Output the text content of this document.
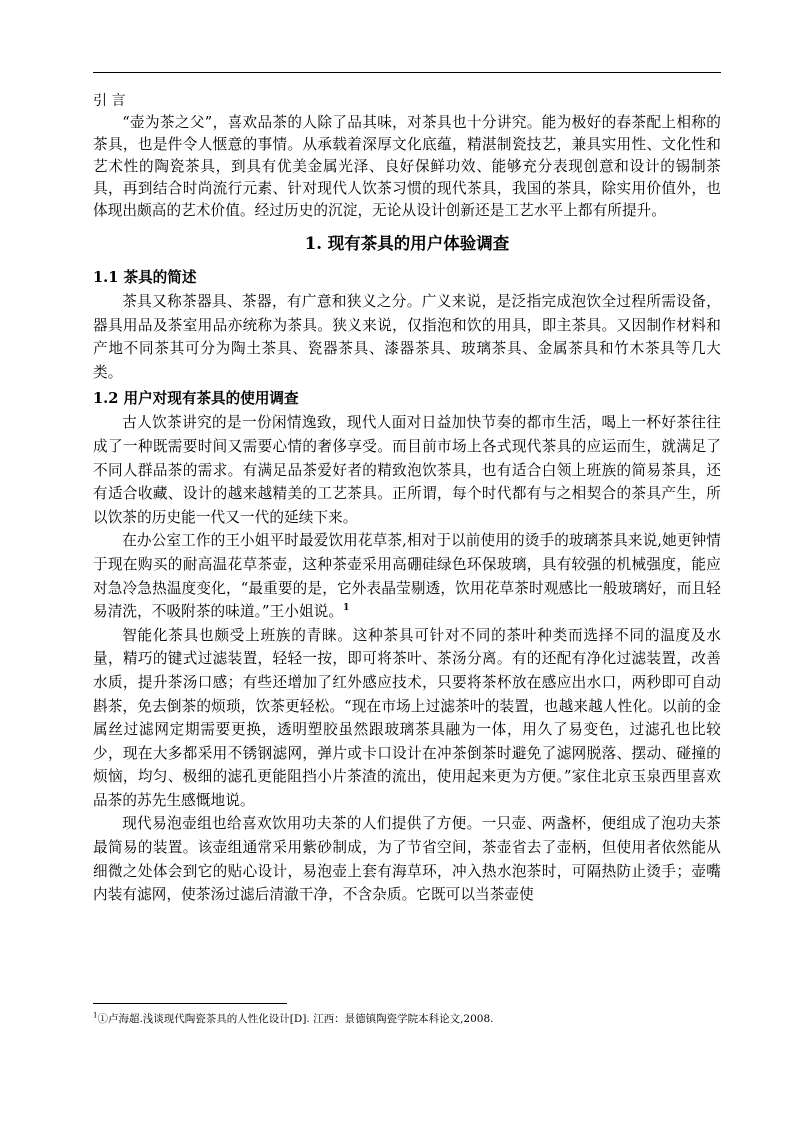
引 言

“壶为茶之父”，喜欢品茶的人除了品其味，对茶具也十分讲究。能为极好的春茶配上相称的茶具，也是件令人惬意的事情。从承载着深厚文化底蕴，精湛制瓷技艺，兼具实用性、文化性和艺术性的陶瓷茶具，到具有优美金属光泽、良好保鲜功效、能够充分表现创意和设计的锡制茶具，再到结合时尚流行元素、针对现代人饮茶习惯的现代茶具，我国的茶具，除实用价值外，也体现出颇高的艺术价值。经过历史的沉淀，无论从设计创新还是工艺水平上都有所提升。

1. 现有茶具的用户体验调查
1.1 茶具的简述

茶具又称茶器具、茶器，有广意和狭义之分。广义来说，是泛指完成泡饮全过程所需设备，器具用品及茶室用品亦统称为茶具。狭义来说，仅指泡和饮的用具，即主茶具。又因制作材料和产地不同茶其可分为陶土茶具、瓷器茶具、漆器茶具、玻璃茶具、金属茶具和竹木茶具等几大类。

1.2 用户对现有茶具的使用调查

古人饮茶讲究的是一份闲情逸致，现代人面对日益加快节奏的都市生活，喝上一杯好茶往往成了一种既需要时间又需要心情的奢侈享受。而目前市场上各式现代茶具的应运而生，就满足了不同人群品茶的需求。有满足品茶爱好者的精致泡饮茶具，也有适合白领上班族的简易茶具，还有适合收藏、设计的越来越精美的工艺茶具。正所谓，每个时代都有与之相契合的茶具产生，所以饮茶的历史能一代又一代的延续下来。

在办公室工作的王小姐平时最爱饮用花草茶,相对于以前使用的烫手的玻璃茶具来说,她更钟情于现在购买的耐高温花草茶壶，这种茶壶采用高硼硅绿色环保玻璃，具有较强的机械强度，能应对急冷急热温度变化，“最重要的是，它外表晶莹剔透，饮用花草茶时观感比一般玻璃好，而且轻易清洗，不吸附茶的味道。”王小姐说。$^1$

智能化茶具也颇受上班族的青睐。这种茶具可针对不同的茶叶种类而选择不同的温度及水量，精巧的键式过滤装置，轻轻一按，即可将茶叶、茶汤分离。有的还配有净化过滤装置，改善水质，提升茶汤口感；有些还增加了红外感应技术，只要将茶杯放在感应出水口，两秒即可自动斟茶，免去倒茶的烦琐，饮茶更轻松。“现在市场上过滤茶叶的装置，也越来越人性化。以前的金属丝过滤网定期需要更换，透明塑胶虽然跟玻璃茶具融为一体，用久了易变色，过滤孔也比较少，现在大多都采用不锈钢滤网，弹片或卡口设计在冲茶倒茶时避免了滤网脱落、摆动、碰撞的烦恼，均匀、极细的滤孔更能阻挡小片茶渣的流出，使用起来更为方便。”家住北京玉泉西里喜欢品茶的苏先生感慨地说。

现代易泡壶组也给喜欢饮用功夫茶的人们提供了方便。一只壶、两盏杯，便组成了泡功夫茶最简易的装置。该壶组通常采用紫砂制成，为了节省空间，茶壶省去了壶柄，但使用者依然能从细微之处体会到它的贴心设计，易泡壶上套有海草环，冲入热水泡茶时，可隔热防止烫手；壶嘴内装有滤网，使茶汤过滤后清澈干净，不含杂质。它既可以当茶壶使

$^1$①卢海超.浅谈现代陶瓷茶具的人性化设计[D]. 江西：景德镇陶瓷学院本科论文,2008.
